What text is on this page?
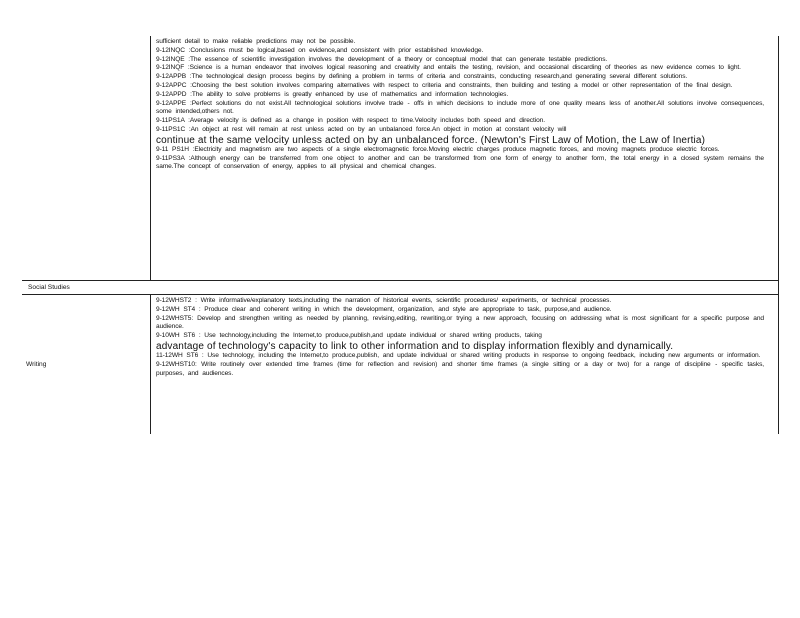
sufficient detail to make reliable predictions may not be possible.

9-12INQC :Conclusions must be logical,based on evidence,and consistent with prior established knowledge.

9-12INQE :The essence of scientific investigation involves the development of a theory or conceptual model that can generate testable predictions.

9-12INQF :Science is a human endeavor that involves logical reasoning and creativity and entails the testing, revision, and occasional discarding of theories as new evidence comes to light.

9-12APPB :The technological design process begins by defining a problem in terms of criteria and constraints, conducting research,and generating several different solutions.

9-12APPC :Choosing the best solution involves comparing alternatives with respect to criteria and constraints, then building and testing a model or other representation of the final design.

9-12APPD :The ability to solve problems is greatly enhanced by use of mathematics and information technologies.

9-12APPE :Perfect solutions do not exist.All technological solutions involve trade - offs in which decisions to include more of one quality means less of another.All solutions involve consequences, some intended,others not.

9-11PS1A :Average velocity is defined as a change in position with respect to time.Velocity includes both speed and direction.

9-11PS1C :An object at rest will remain at rest unless acted on by an unbalanced force.An object in motion at constant velocity will

continue at the same velocity unless acted on by an unbalanced force. (Newton's First Law of Motion, the Law of Inertia)

9-11 PS1H :Electricity and magnetism are two aspects of a single electromagnetic force.Moving electric charges produce magnetic forces, and moving magnets produce electric forces.

9-11PS3A :Although energy can be transferred from one object to another and can be transformed from one form of energy to another form, the total energy in a closed system remains the same.The concept of conservation of energy, applies to all physical and chemical changes.

Social Studies
Writing

9-12WHST2 : Write informative/explanatory texts,including the narration of historical events, scientific procedures/ experiments, or technical processes.

9-12WH ST4 : Produce clear and coherent writing in which the development, organization, and style are appropriate to task, purpose,and audience.

9-12WHST5: Develop and strengthen writing as needed by planning, revising,editing, rewriting,or trying a new approach, focusing on addressing what is most significant for a specific purpose and audience.

9-10WH ST6 : Use technology,including the Internet,to produce,publish,and update individual or shared writing products, taking

advantage of technology's capacity to link to other information and to display information flexibly and dynamically.

11-12WH ST6 : Use technology, including the Internet,to produce,publish, and update individual or shared writing products in response to ongoing feedback, including new arguments or information.

9-12WHST10: Write routinely over extended time frames (time for reflection and revision) and shorter time frames (a single sitting or a day or two) for a range of discipline - specific tasks, purposes, and audiences.
